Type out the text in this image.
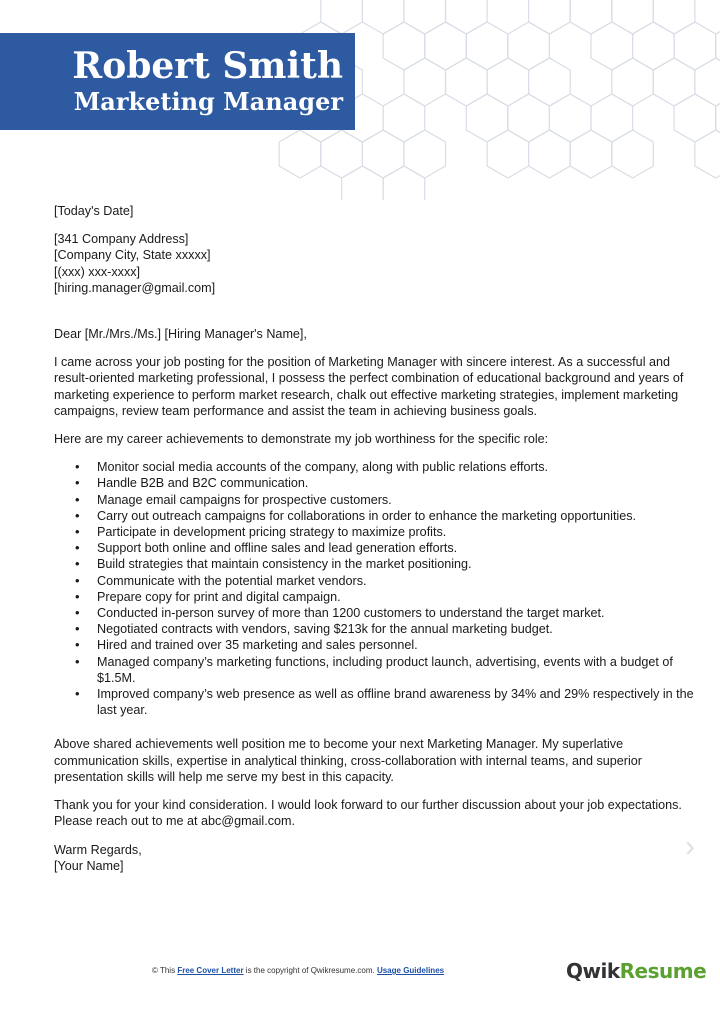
Robert Smith
Marketing Manager

[Today's Date]

[341 Company Address]

[Company City, State xxxxx]

[(xxx) xxx-xxxx]

[hiring.manager@gmail.com]

Dear [Mr./Mrs./Ms.] [Hiring Manager's Name],

I came across your job posting for the position of Marketing Manager with sincere interest. As a successful and result-oriented marketing professional, I possess the perfect combination of educational background and years of marketing experience to perform market research, chalk out effective marketing strategies, implement marketing campaigns, review team performance and assist the team in achieving business goals.

Here are my career achievements to demonstrate my job worthiness for the specific role:

• Monitor social media accounts of the company, along with public relations efforts.
• Handle B2B and B2C communication.
• Manage email campaigns for prospective customers.
• Carry out outreach campaigns for collaborations in order to enhance the marketing opportunities.
• Participate in development pricing strategy to maximize profits.
• Support both online and offline sales and lead generation efforts.
• Build strategies that maintain consistency in the market positioning.
• Communicate with the potential market vendors.
• Prepare copy for print and digital campaign.
• Conducted in-person survey of more than 1200 customers to understand the target market.
• Negotiated contracts with vendors, saving $213k for the annual marketing budget.
• Hired and trained over 35 marketing and sales personnel.
• Managed company’s marketing functions, including product launch, advertising, events with a budget of $1.5M.
• Improved company’s web presence as well as offline brand awareness by 34% and 29% respectively in the last year.

Above shared achievements well position me to become your next Marketing Manager. My superlative communication skills, expertise in analytical thinking, cross-collaboration with internal teams, and superior presentation skills will help me serve my best in this capacity.

Thank you for your kind consideration. I would look forward to our further discussion about your job expectations. Please reach out to me at abc@gmail.com.

Warm Regards,

[Your Name]

›
© This Free Cover Letter is the copyright of Qwikresume.com. Usage Guidelines	QwikResume
